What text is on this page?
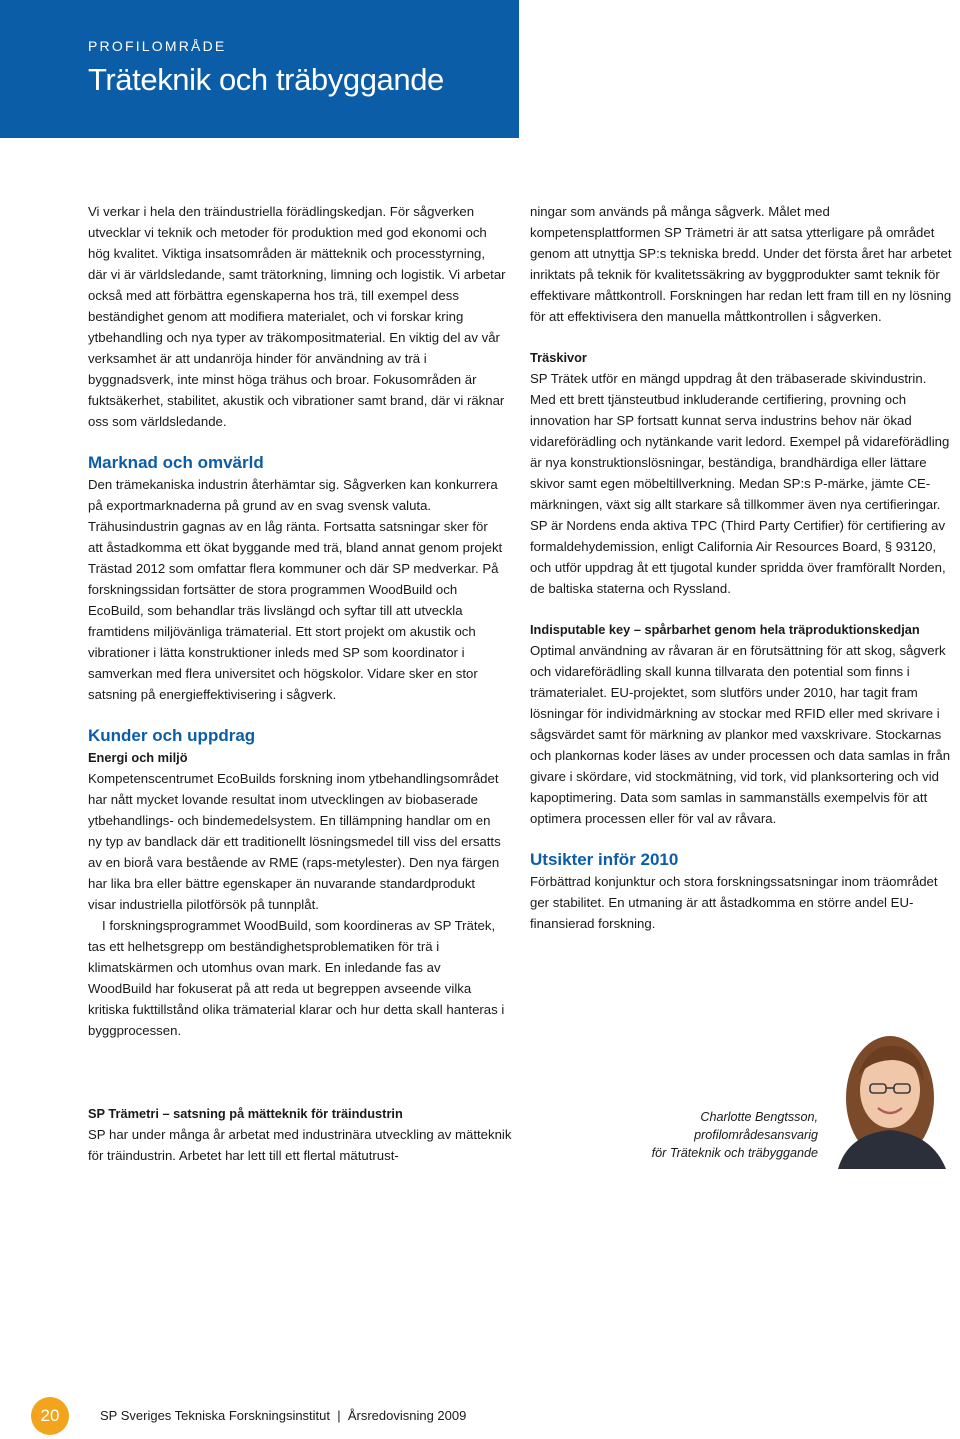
PROFILOMRÅDE
Träteknik och träbyggande

Vi verkar i hela den träindustriella förädlingskedjan. För sågverken utvecklar vi teknik och metoder för produktion med god ekonomi och hög kvalitet. Viktiga insatsområden är mätteknik och processtyrning, där vi är världsledande, samt trätorkning, limning och logistik. Vi arbetar också med att förbättra egenskaperna hos trä, till exempel dess beständighet genom att modifiera materialet, och vi forskar kring ytbehandling och nya typer av träkompositmaterial. En viktig del av vår verksamhet är att undanröja hinder för användning av trä i byggnadsverk, inte minst höga trähus och broar. Fokusområden är fuktsäkerhet, stabilitet, akustik och vibrationer samt brand, där vi räknar oss som världsledande.

Marknad och omvärld

Den trämekaniska industrin återhämtar sig. Sågverken kan konkurrera på exportmarknaderna på grund av en svag svensk valuta. Trähusindustrin gagnas av en låg ränta. Fortsatta satsningar sker för att åstadkomma ett ökat byggande med trä, bland annat genom projekt Trästad 2012 som omfattar flera kommuner och där SP medverkar. På forskningssidan fortsätter de stora programmen WoodBuild och EcoBuild, som behandlar träs livslängd och syftar till att utveckla framtidens miljövänliga trämaterial. Ett stort projekt om akustik och vibrationer i lätta konstruktioner inleds med SP som koordinator i samverkan med flera universitet och högskolor. Vidare sker en stor satsning på energieffektivisering i sågverk.

Kunder och uppdrag

Energi och miljö

Kompetenscentrumet EcoBuilds forskning inom ytbehandlingsområdet har nått mycket lovande resultat inom utvecklingen av biobaserade ytbehandlings- och bindemedelsystem. En tillämpning handlar om en ny typ av bandlack där ett traditionellt lösningsmedel till viss del ersatts av en biorå vara bestående av RME (raps-metylester). Den nya färgen har lika bra eller bättre egenskaper än nuvarande standardprodukt visar industriella pilotförsök på tunnplåt.

I forskningsprogrammet WoodBuild, som koordineras av SP Trätek, tas ett helhetsgrepp om beständighetsproblematiken för trä i klimatskärmen och utomhus ovan mark. En inledande fas av WoodBuild har fokuserat på att reda ut begreppen avseende vilka kritiska fukttillstånd olika trämaterial klarar och hur detta skall hanteras i byggprocessen.

SP Trämetri – satsning på mätteknik för träindustrin

SP har under många år arbetat med industrinära utveckling av mätteknik för träindustrin. Arbetet har lett till ett flertal mätutrust-

ningar som används på många sågverk. Målet med kompetensplattformen SP Trämetri är att satsa ytterligare på området genom att utnyttja SP:s tekniska bredd. Under det första året har arbetet inriktats på teknik för kvalitetssäkring av byggprodukter samt teknik för effektivare måttkontroll. Forskningen har redan lett fram till en ny lösning för att effektivisera den manuella måttkontrollen i sågverken.

Träskivor

SP Trätek utför en mängd uppdrag åt den träbaserade skivindustrin. Med ett brett tjänsteutbud inkluderande certifiering, provning och innovation har SP fortsatt kunnat serva industrins behov när ökad vidareförädling och nytänkande varit ledord. Exempel på vidareförädling är nya konstruktionslösningar, beständiga, brandhärdiga eller lättare skivor samt egen möbeltillverkning. Medan SP:s P-märke, jämte CE-märkningen, växt sig allt starkare så tillkommer även nya certifieringar. SP är Nordens enda aktiva TPC (Third Party Certifier) för certifiering av formaldehydemission, enligt California Air Resources Board, § 93120, och utför uppdrag åt ett tjugotal kunder spridda över framförallt Norden, de baltiska staterna och Ryssland.

Indisputable key – spårbarhet genom hela träproduktionskedjan

Optimal användning av råvaran är en förutsättning för att skog, sågverk och vidareförädling skall kunna tillvarata den potential som finns i trämaterialet. EU-projektet, som slutförs under 2010, har tagit fram lösningar för individmärkning av stockar med RFID eller med skrivare i sågsvärdet samt för märkning av plankor med vaxskrivare. Stockarnas och plankornas koder läses av under processen och data samlas in från givare i skördare, vid stockmätning, vid tork, vid planksortering och vid kapoptimering. Data som samlas in sammanställs exempelvis för att optimera processen eller för val av råvara.

Utsikter inför 2010

Förbättrad konjunktur och stora forskningssatsningar inom träområdet ger stabilitet. En utmaning är att åstadkomma en större andel EU-finansierad forskning.

Charlotte Bengtsson,
profilområdesansvarig
för Träteknik och träbyggande
20	SP Sveriges Tekniska Forskningsinstitut  |  Årsredovisning 2009
